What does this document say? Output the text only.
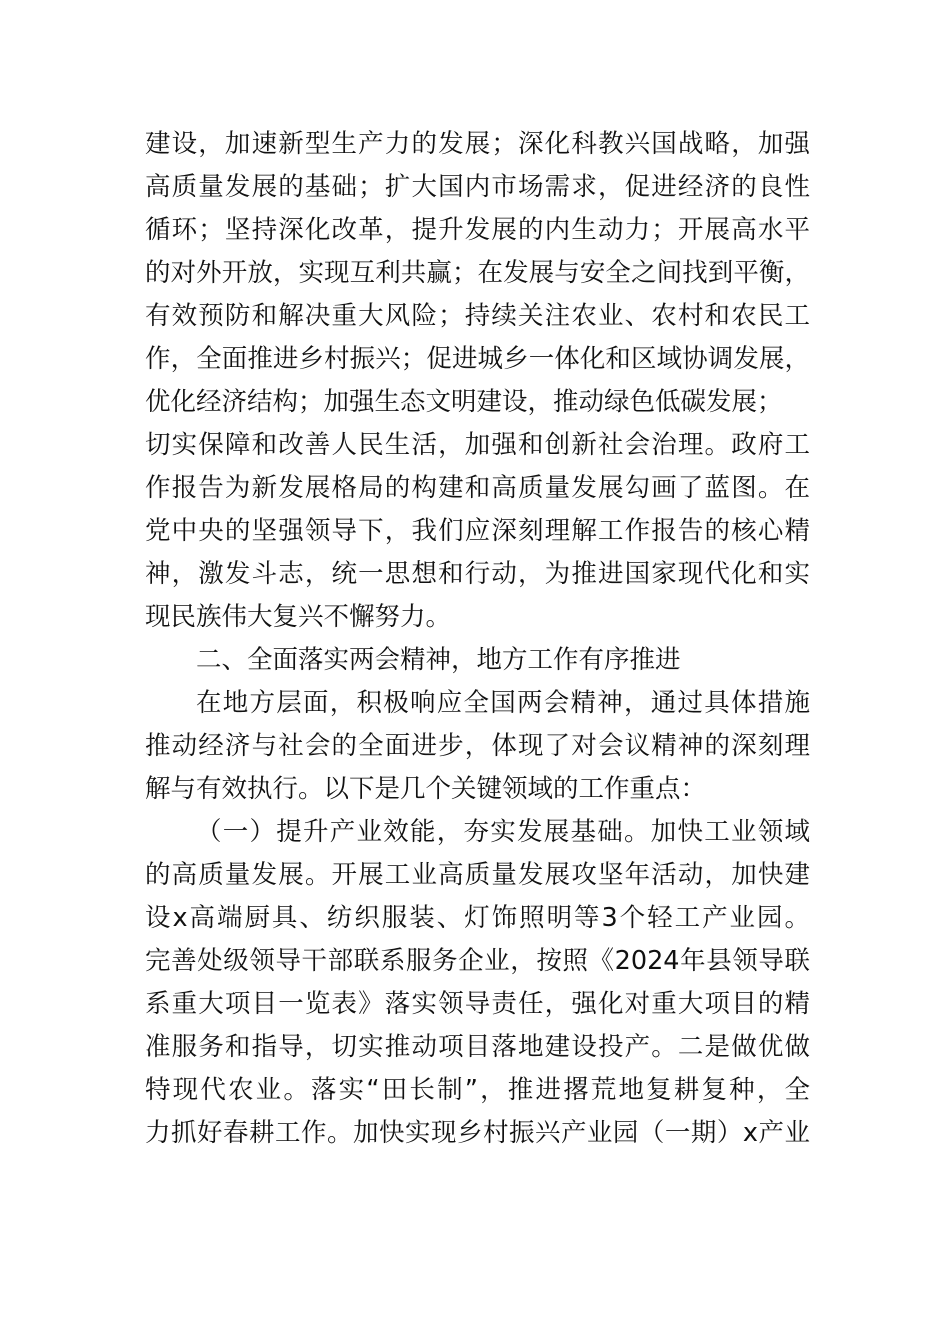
建设，加速新型生产力的发展；深化科教兴国战略，加强
高质量发展的基础；扩大国内市场需求，促进经济的良性
循环；坚持深化改革，提升发展的内生动力；开展高水平
的对外开放，实现互利共赢；在发展与安全之间找到平衡，
有效预防和解决重大风险；持续关注农业、农村和农民工
作，全面推进乡村振兴；促进城乡一体化和区域协调发展，
优化经济结构；加强生态文明建设，推动绿色低碳发展；
切实保障和改善人民生活，加强和创新社会治理。政府工
作报告为新发展格局的构建和高质量发展勾画了蓝图。在
党中央的坚强领导下，我们应深刻理解工作报告的核心精
神，激发斗志，统一思想和行动，为推进国家现代化和实
现民族伟大复兴不懈努力。
二、全面落实两会精神，地方工作有序推进
在地方层面，积极响应全国两会精神，通过具体措施
推动经济与社会的全面进步，体现了对会议精神的深刻理
解与有效执行。以下是几个关键领域的工作重点：
（一）提升产业效能，夯实发展基础。加快工业领域
的高质量发展。开展工业高质量发展攻坚年活动，加快建
设x高端厨具、纺织服装、灯饰照明等3个轻工产业园。
完善处级领导干部联系服务企业，按照《2024年县领导联
系重大项目一览表》落实领导责任，强化对重大项目的精
准服务和指导，切实推动项目落地建设投产。二是做优做
特现代农业。落实“田长制”，推进撂荒地复耕复种，全
力抓好春耕工作。加快实现乡村振兴产业园（一期）x产业
